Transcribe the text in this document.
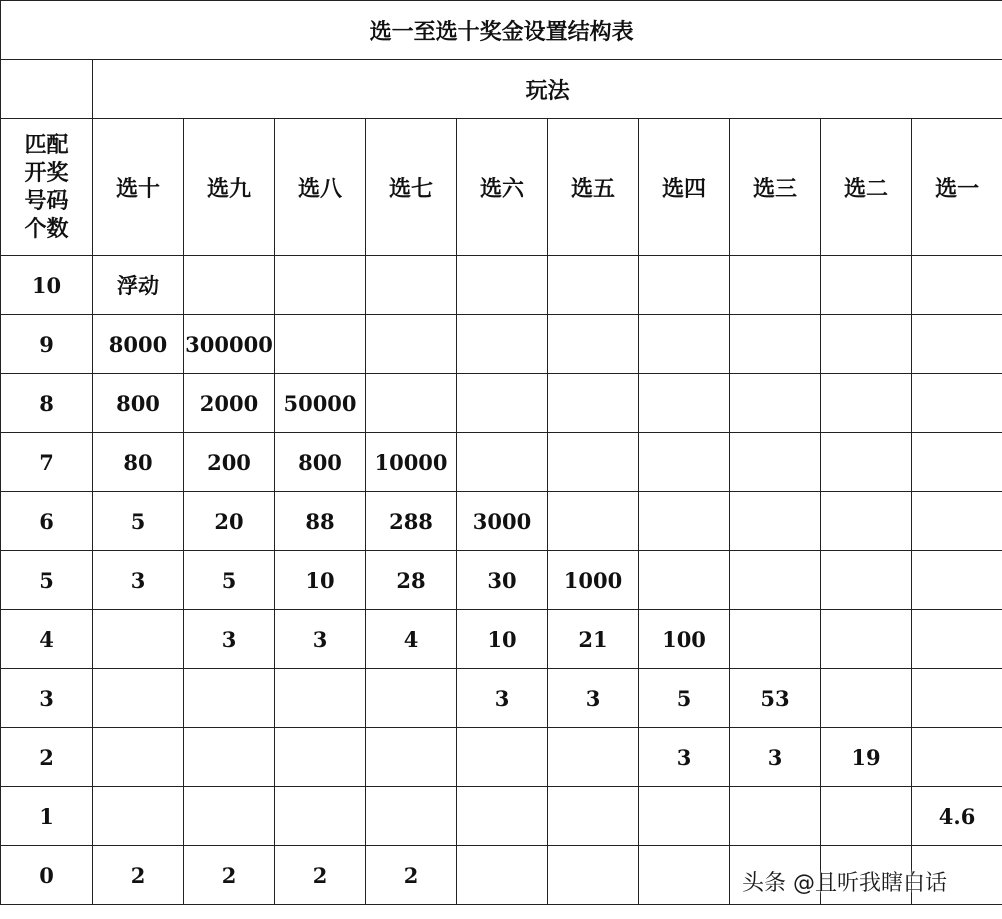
选一至选十奖金设置结构表										
	玩法									

匹配
开奖
号码
个数	选十	选九	选八	选七	选六	选五	选四	选三	选二	选一
10	浮动									
9	8000	300000								
8	800	2000	50000							
7	80	200	800	10000						
6	5	20	88	288	3000					
5	3	5	10	28	30	1000				
4		3	3	4	10	21	100			
3					3	3	5	53		
2							3	3	19	
1										4.6
0	2	2	2	2							头条 @且听我瞎白话
